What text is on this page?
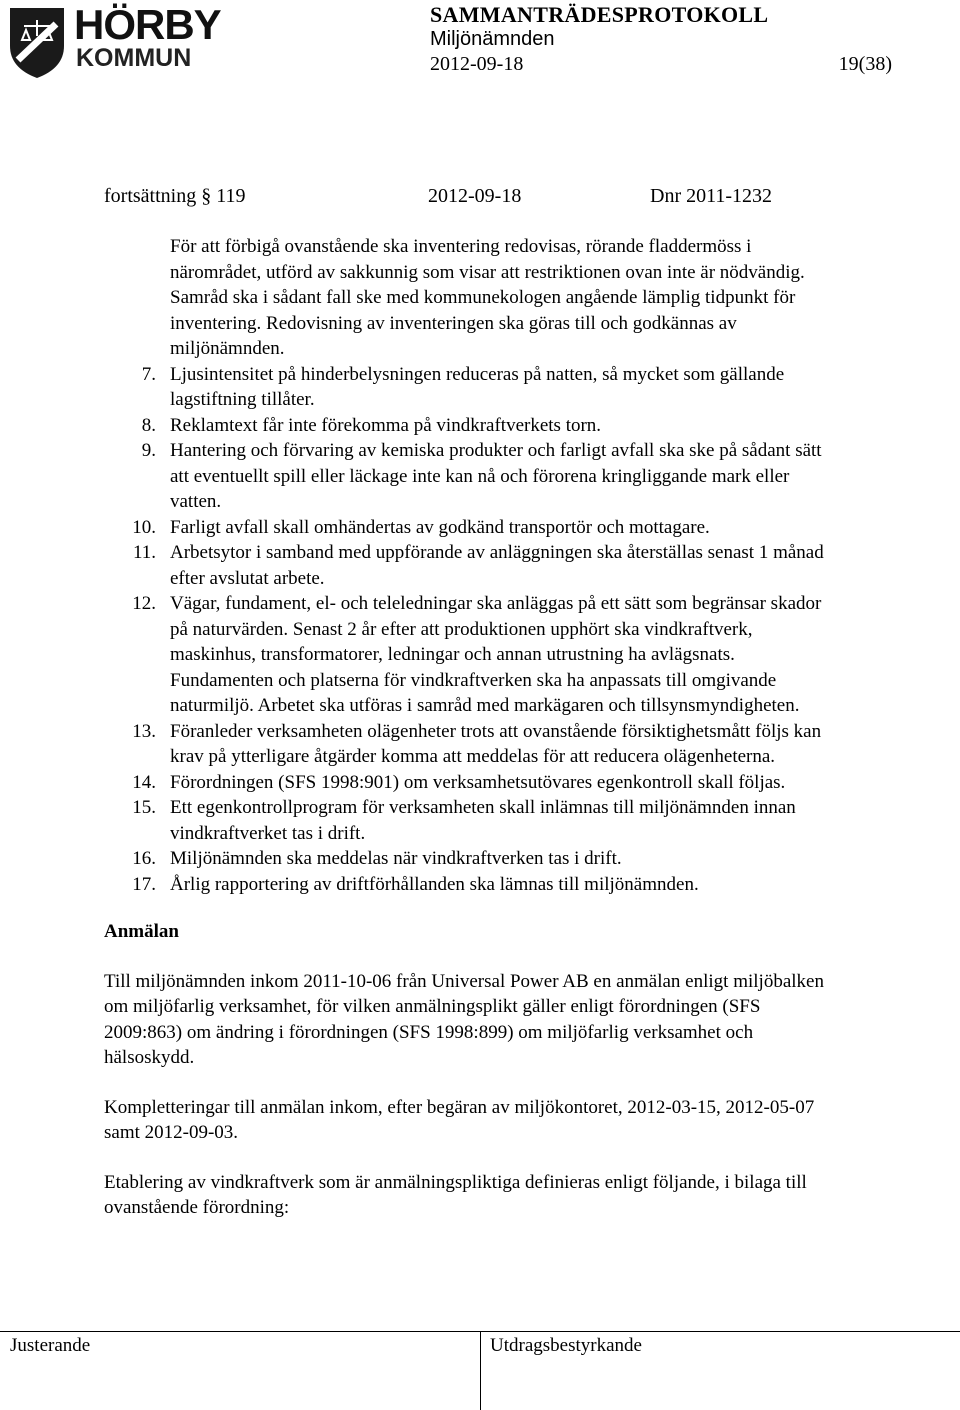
HÖRBY
KOMMUN
SAMMANTRÄDESPROTOKOLL
Miljönämnden
2012-09-18	19(38)
fortsättning § 119	2012-09-18	Dnr 2011-1232
För att förbigå ovanstående ska inventering redovisas, rörande fladdermöss i närområdet, utförd av sakkunnig som visar att restriktionen ovan inte är nödvändig. Samråd ska i sådant fall ske med kommunekologen angående lämplig tidpunkt för inventering. Redovisning av inventeringen ska göras till och godkännas av miljönämnden.
7. Ljusintensitet på hinderbelysningen reduceras på natten, så mycket som gällande lagstiftning tillåter.
8. Reklamtext får inte förekomma på vindkraftverkets torn.
9. Hantering och förvaring av kemiska produkter och farligt avfall ska ske på sådant sätt att eventuellt spill eller läckage inte kan nå och förorena kringliggande mark eller vatten.
10. Farligt avfall skall omhändertas av godkänd transportör och mottagare.
11. Arbetsytor i samband med uppförande av anläggningen ska återställas senast 1 månad efter avslutat arbete.
12. Vägar, fundament, el- och teleledningar ska anläggas på ett sätt som begränsar skador på naturvärden. Senast 2 år efter att produktionen upphört ska vindkraftverk, maskinhus, transformatorer, ledningar och annan utrustning ha avlägsnats. Fundamenten och platserna för vindkraftverken ska ha anpassats till omgivande naturmiljö. Arbetet ska utföras i samråd med markägaren och tillsynsmyndigheten.
13. Föranleder verksamheten olägenheter trots att ovanstående försiktighetsmått följs kan krav på ytterligare åtgärder komma att meddelas för att reducera olägenheterna.
14. Förordningen (SFS 1998:901) om verksamhetsutövares egenkontroll skall följas.
15. Ett egenkontrollprogram för verksamheten skall inlämnas till miljönämnden innan vindkraftverket tas i drift.
16. Miljönämnden ska meddelas när vindkraftverken tas i drift.
17. Årlig rapportering av driftförhållanden ska lämnas till miljönämnden.
Anmälan

Till miljönämnden inkom 2011-10-06 från Universal Power AB en anmälan enligt miljöbalken om miljöfarlig verksamhet, för vilken anmälningsplikt gäller enligt förordningen (SFS 2009:863) om ändring i förordningen (SFS 1998:899) om miljöfarlig verksamhet och hälsoskydd.

Kompletteringar till anmälan inkom, efter begäran av miljökontoret, 2012-03-15, 2012-05-07 samt 2012-09-03.

Etablering av vindkraftverk som är anmälningspliktiga definieras enligt följande, i bilaga till ovanstående förordning:

Justerande	Utdragsbestyrkande
